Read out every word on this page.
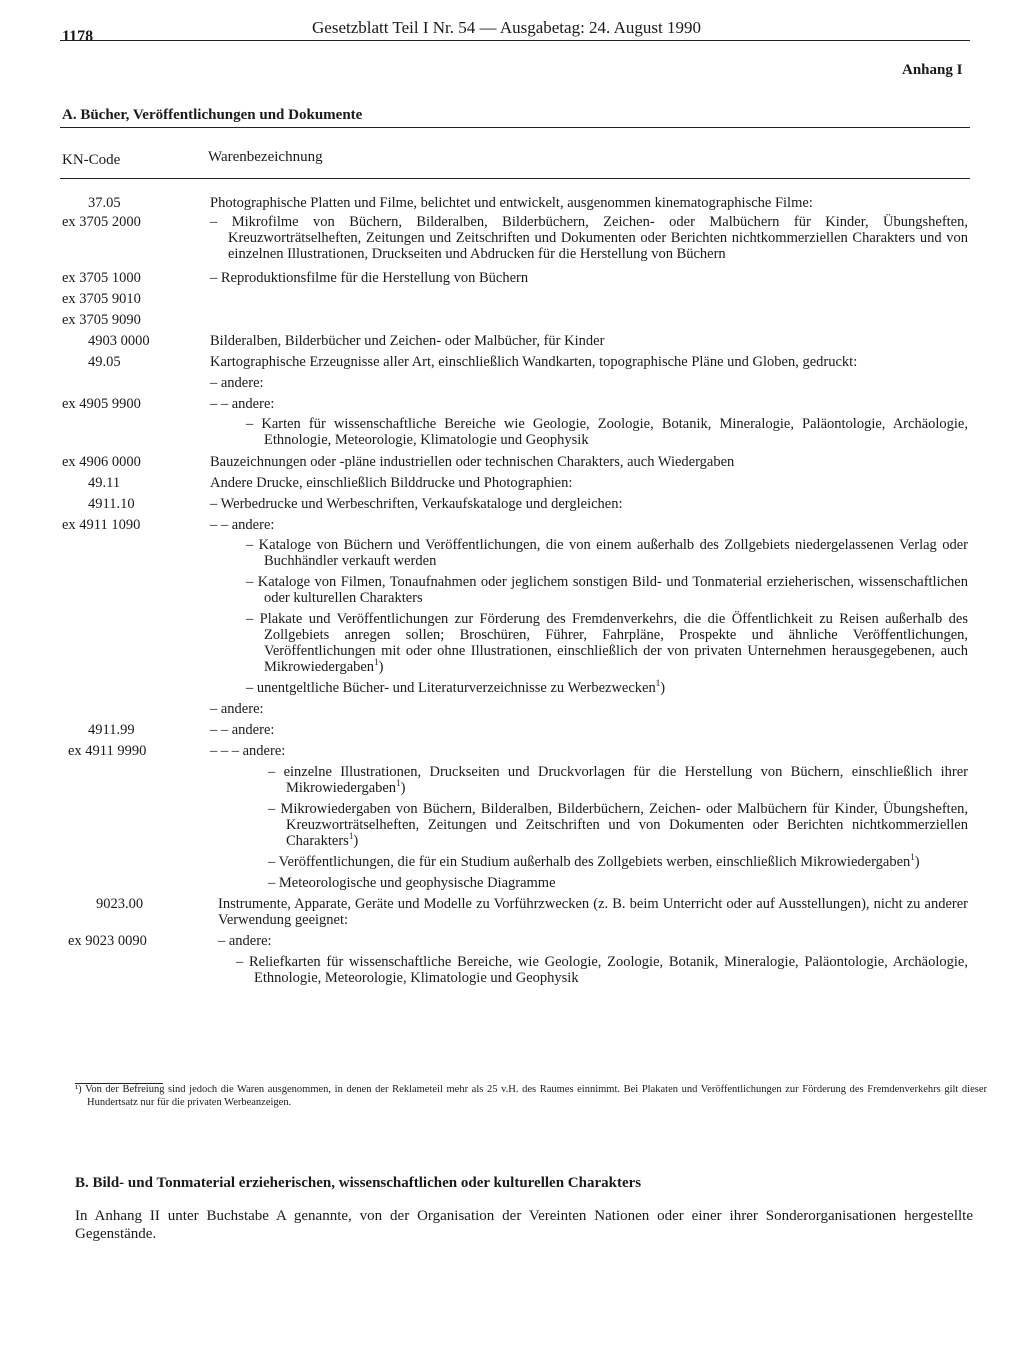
1178	Gesetzblatt Teil I Nr. 54 — Ausgabetag: 24. August 1990
Anhang I
A. Bücher, Veröffentlichungen und Dokumente
KN-Code	Warenbezeichnung
37.05	Photographische Platten und Filme, belichtet und entwickelt, ausgenommen kinematographische Filme:
ex 3705 2000	– Mikrofilme von Büchern, Bilderalben, Bilderbüchern, Zeichen- oder Malbüchern für Kinder, Übungsheften, Kreuzworträtselheften, Zeitungen und Zeitschriften und Dokumenten oder Berichten nichtkommerziellen Charakters und von einzelnen Illustrationen, Druckseiten und Abdrucken für die Herstellung von Büchern
ex 3705 1000	– Reproduktionsfilme für die Herstellung von Büchern
ex 3705 9010
ex 3705 9090
4903 0000	Bilderalben, Bilderbücher und Zeichen- oder Malbücher, für Kinder
49.05	Kartographische Erzeugnisse aller Art, einschließlich Wandkarten, topographische Pläne und Globen, gedruckt:
– andere:
ex 4905 9900	– – andere:
– Karten für wissenschaftliche Bereiche wie Geologie, Zoologie, Botanik, Mineralogie, Paläontologie, Archäologie, Ethnologie, Meteorologie, Klimatologie und Geophysik
ex 4906 0000	Bauzeichnungen oder -pläne industriellen oder technischen Charakters, auch Wiedergaben
49.11	Andere Drucke, einschließlich Bilddrucke und Photographien:
4911.10	– Werbedrucke und Werbeschriften, Verkaufskataloge und dergleichen:
ex 4911 1090	– – andere:
– Kataloge von Büchern und Veröffentlichungen, die von einem außerhalb des Zollgebiets niedergelassenen Verlag oder Buchhändler verkauft werden
– Kataloge von Filmen, Tonaufnahmen oder jeglichem sonstigen Bild- und Tonmaterial erzieherischen, wissenschaftlichen oder kulturellen Charakters
– Plakate und Veröffentlichungen zur Förderung des Fremdenverkehrs, die die Öffentlichkeit zu Reisen außerhalb des Zollgebiets anregen sollen; Broschüren, Führer, Fahrpläne, Prospekte und ähnliche Veröffentlichungen, Veröffentlichungen mit oder ohne Illustrationen, einschließlich der von privaten Unternehmen herausgegebenen, auch Mikrowiedergaben$^1$)
– unentgeltliche Bücher- und Literaturverzeichnisse zu Werbezwecken$^1$)
– andere:
4911.99	– – andere:
ex 4911 9990	– – – andere:
– einzelne Illustrationen, Druckseiten und Druckvorlagen für die Herstellung von Büchern, einschließlich ihrer Mikrowiedergaben$^1$)
– Mikrowiedergaben von Büchern, Bilderalben, Bilderbüchern, Zeichen- oder Malbüchern für Kinder, Übungsheften, Kreuzworträtselheften, Zeitungen und Zeitschriften und von Dokumenten oder Berichten nichtkommerziellen Charakters$^1$)
– Veröffentlichungen, die für ein Studium außerhalb des Zollgebiets werben, einschließlich Mikrowiedergaben$^1$)
– Meteorologische und geophysische Diagramme
9023.00	Instrumente, Apparate, Geräte und Modelle zu Vorführzwecken (z. B. beim Unterricht oder auf Ausstellungen), nicht zu anderer Verwendung geeignet:
ex 9023 0090	– andere:
– Reliefkarten für wissenschaftliche Bereiche, wie Geologie, Zoologie, Botanik, Mineralogie, Paläontologie, Archäologie, Ethnologie, Meteorologie, Klimatologie und Geophysik
¹) Von der Befreiung sind jedoch die Waren ausgenommen, in denen der Reklameteil mehr als 25 v.H. des Raumes einnimmt. Bei Plakaten und Veröffentlichungen zur Förderung des Fremdenverkehrs gilt dieser Hundertsatz nur für die privaten Werbeanzeigen.
B. Bild- und Tonmaterial erzieherischen, wissenschaftlichen oder kulturellen Charakters
In Anhang II unter Buchstabe A genannte, von der Organisation der Vereinten Nationen oder einer ihrer Sonderorganisationen hergestellte Gegenstände.
